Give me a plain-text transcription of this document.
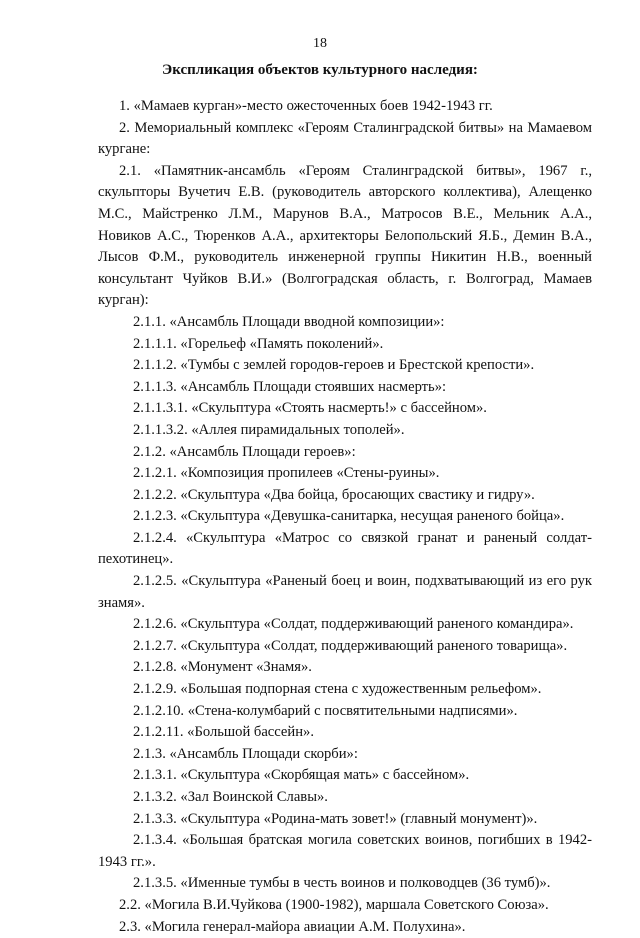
18
Экспликация объектов культурного наследия:

1. «Мамаев курган»-место ожесточенных боев 1942-1943 гг.

2. Мемориальный комплекс «Героям Сталинградской битвы» на Мамаевом кургане:

2.1. «Памятник-ансамбль «Героям Сталинградской битвы», 1967 г., скульпторы Вучетич Е.В. (руководитель авторского коллектива), Алещенко М.С., Майстренко Л.М., Марунов В.А., Матросов В.Е., Мельник А.А., Новиков А.С., Тюренков А.А., архитекторы Белопольский Я.Б., Демин В.А., Лысов Ф.М., руководитель инженерной группы Никитин Н.В., военный консультант Чуйков В.И.» (Волгоградская область, г. Волгоград, Мамаев курган):

2.1.1. «Ансамбль Площади вводной композиции»:

2.1.1.1. «Горельеф «Память поколений».

2.1.1.2. «Тумбы с землей городов-героев и Брестской крепости».

2.1.1.3. «Ансамбль Площади стоявших насмерть»:

2.1.1.3.1. «Скульптура «Стоять насмерть!» с бассейном».

2.1.1.3.2. «Аллея пирамидальных тополей».

2.1.2. «Ансамбль Площади героев»:

2.1.2.1. «Композиция пропилеев «Стены-руины».

2.1.2.2. «Скульптура «Два бойца, бросающих свастику и гидру».

2.1.2.3. «Скульптура «Девушка-санитарка, несущая раненого бойца».

2.1.2.4. «Скульптура «Матрос со связкой гранат и раненый солдат-пехотинец».

2.1.2.5. «Скульптура «Раненый боец и воин, подхватывающий из его рук знамя».

2.1.2.6. «Скульптура «Солдат, поддерживающий раненого командира».

2.1.2.7. «Скульптура «Солдат, поддерживающий раненого товарища».

2.1.2.8. «Монумент «Знамя».

2.1.2.9. «Большая подпорная стена с художественным рельефом».

2.1.2.10. «Стена-колумбарий с посвятительными надписями».

2.1.2.11. «Большой бассейн».

2.1.3. «Ансамбль Площади скорби»:

2.1.3.1. «Скульптура «Скорбящая мать» с бассейном».

2.1.3.2. «Зал Воинской Славы».

2.1.3.3. «Скульптура «Родина-мать зовет!» (главный монумент)».

2.1.3.4. «Большая братская могила советских воинов, погибших в 1942-1943 гг.».

2.1.3.5. «Именные тумбы в честь воинов и полководцев (36 тумб)».

2.2. «Могила В.И.Чуйкова (1900-1982), маршала Советского Союза».

2.3. «Могила генерал-майора авиации А.М. Полухина».
